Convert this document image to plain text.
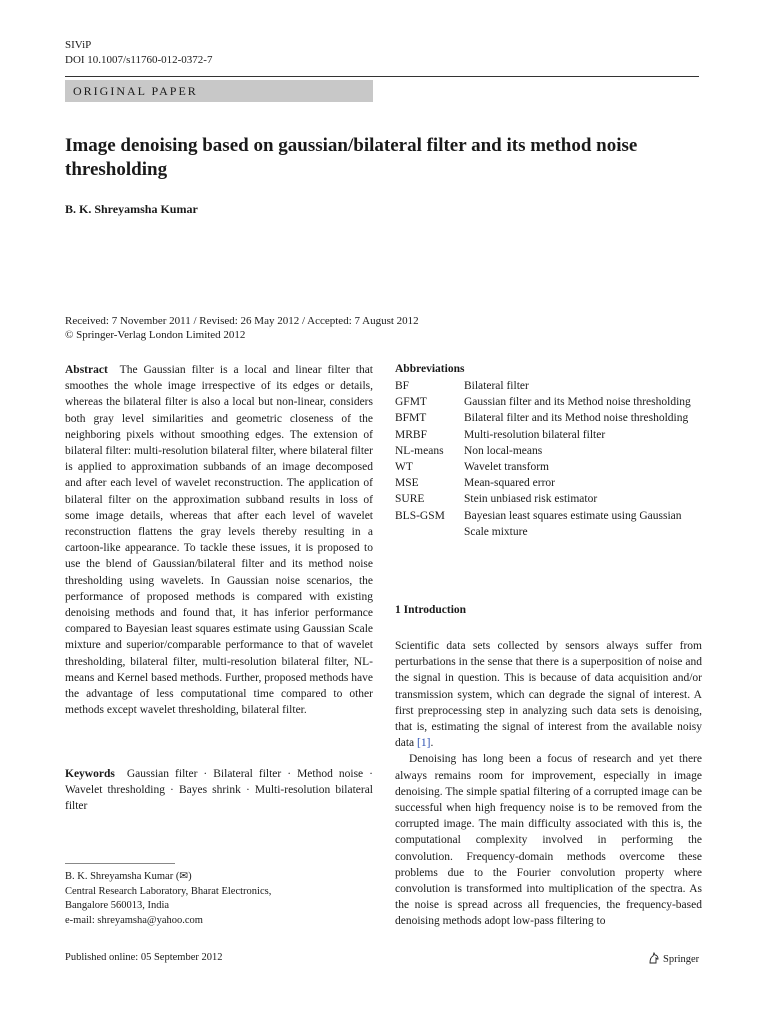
SIViP
DOI 10.1007/s11760-012-0372-7
ORIGINAL PAPER
Image denoising based on gaussian/bilateral filter and its method noise thresholding
B. K. Shreyamsha Kumar
Received: 7 November 2011 / Revised: 26 May 2012 / Accepted: 7 August 2012
© Springer-Verlag London Limited 2012
Abstract The Gaussian filter is a local and linear filter that smoothes the whole image irrespective of its edges or details, whereas the bilateral filter is also a local but non-linear, considers both gray level similarities and geometric closeness of the neighboring pixels without smoothing edges. The extension of bilateral filter: multi-resolution bilateral filter, where bilateral filter is applied to approximation subbands of an image decomposed and after each level of wavelet reconstruction. The application of bilateral filter on the approximation subband results in loss of some image details, whereas that after each level of wavelet reconstruction flattens the gray levels thereby resulting in a cartoon-like appearance. To tackle these issues, it is proposed to use the blend of Gaussian/bilateral filter and its method noise thresholding using wavelets. In Gaussian noise scenarios, the performance of proposed methods is compared with existing denoising methods and found that, it has inferior performance compared to Bayesian least squares estimate using Gaussian Scale mixture and superior/comparable performance to that of wavelet thresholding, bilateral filter, multi-resolution bilateral filter, NL-means and Kernel based methods. Further, proposed methods have the advantage of less computational time compared to other methods except wavelet thresholding, bilateral filter.
Keywords Gaussian filter · Bilateral filter · Method noise · Wavelet thresholding · Bayes shrink · Multi-resolution bilateral filter
B. K. Shreyamsha Kumar (✉)
Central Research Laboratory, Bharat Electronics,
Bangalore 560013, India
e-mail: shreyamsha@yahoo.com
Published online: 05 September 2012	Springer
Abbreviations
BF	Bilateral filter
GFMT	Gaussian filter and its Method noise thresholding
BFMT	Bilateral filter and its Method noise thresholding
MRBF	Multi-resolution bilateral filter
NL-means	Non local-means
WT	Wavelet transform
MSE	Mean-squared error
SURE	Stein unbiased risk estimator
BLS-GSM	Bayesian least squares estimate using Gaussian Scale mixture
1 Introduction

Scientific data sets collected by sensors always suffer from perturbations in the sense that there is a superposition of noise and the signal in question. This is because of data acquisition and/or transmission system, which can degrade the signal of interest. A first preprocessing step in analyzing such data sets is denoising, that is, estimating the signal of interest from the available noisy data [1].

Denoising has long been a focus of research and yet there always remains room for improvement, especially in image denoising. The simple spatial filtering of a corrupted image can be successful when high frequency noise is to be removed from the corrupted image. The main difficulty associated with this is, the computational complexity involved in performing the convolution. Frequency-domain methods overcome these problems due to the Fourier convolution property where convolution is transformed into multiplication of the spectra. As the noise is spread across all frequencies, the frequency-based denoising methods adopt low-pass filtering to
